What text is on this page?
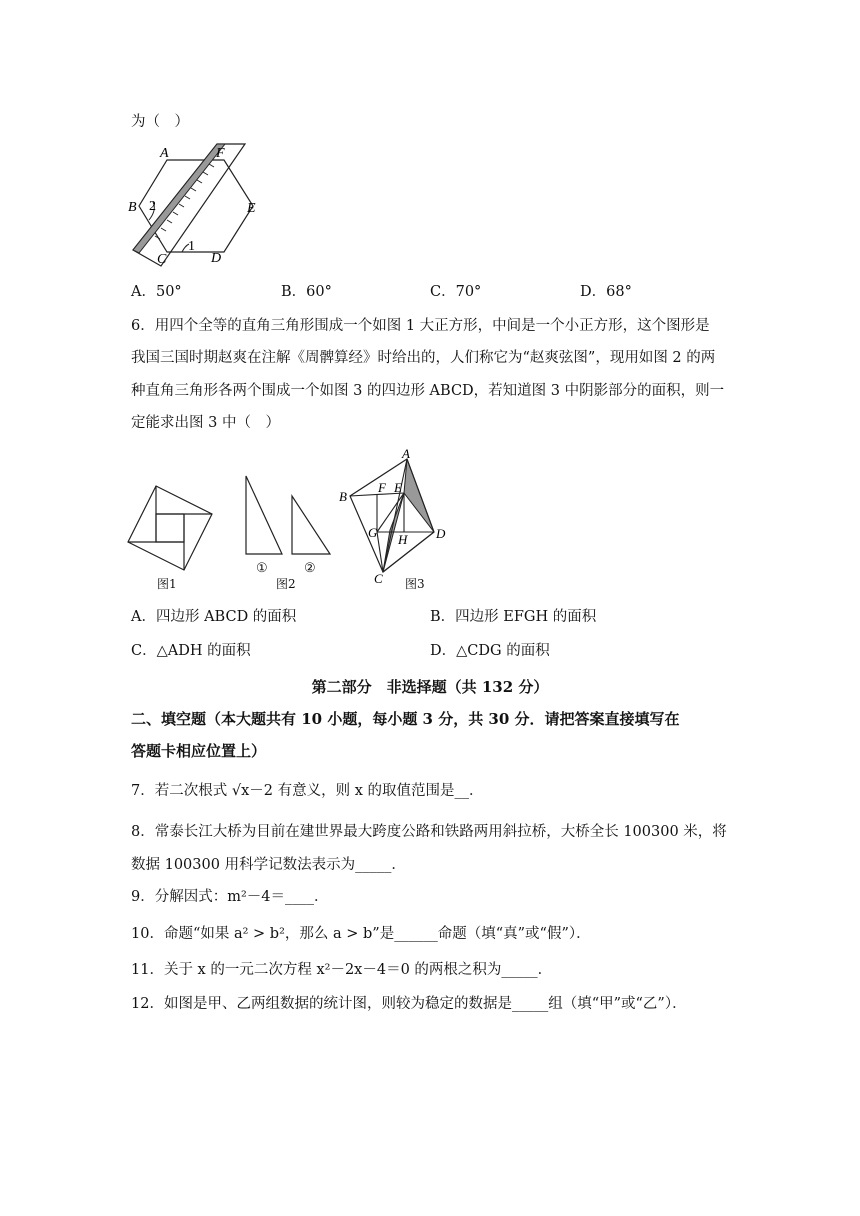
为（　）
A	F
B	E
C	D
2
1
A．50°	B．60°	C．70°	D．68°
6．用四个全等的直角三角形围成一个如图 1 大正方形，中间是一个小正方形，这个图形是
我国三国时期赵爽在注解《周髀算经》时给出的，人们称它为“赵爽弦图”，现用如图 2 的两
种直角三角形各两个围成一个如图 3 的四边形 ABCD，若知道图 3 中阴影部分的面积，则一
定能求出图 3 中（　）
图1
①	②
图2
A
B
F E
G H D
C 图3
A．四边形 ABCD 的面积	B．四边形 EFGH 的面积
C．△ADH 的面积	D．△CDG 的面积
第二部分　非选择题（共 132 分）
二、填空题（本大题共有 10 小题，每小题 3 分，共 30 分．请把答案直接填写在
答题卡相应位置上）
7．若二次根式 √x－2 有意义，则 x 的取值范围是__．
8．常泰长江大桥为目前在建世界最大跨度公路和铁路两用斜拉桥，大桥全长 100300 米，将
数据 100300 用科学记数法表示为_____．
9．分解因式：m²－4＝____．
10．命题“如果 a² > b²，那么 a > b”是______命题（填“真”或“假”）．
11．关于 x 的一元二次方程 x²－2x－4＝0 的两根之积为_____．
12．如图是甲、乙两组数据的统计图，则较为稳定的数据是_____组（填“甲”或“乙”）．
